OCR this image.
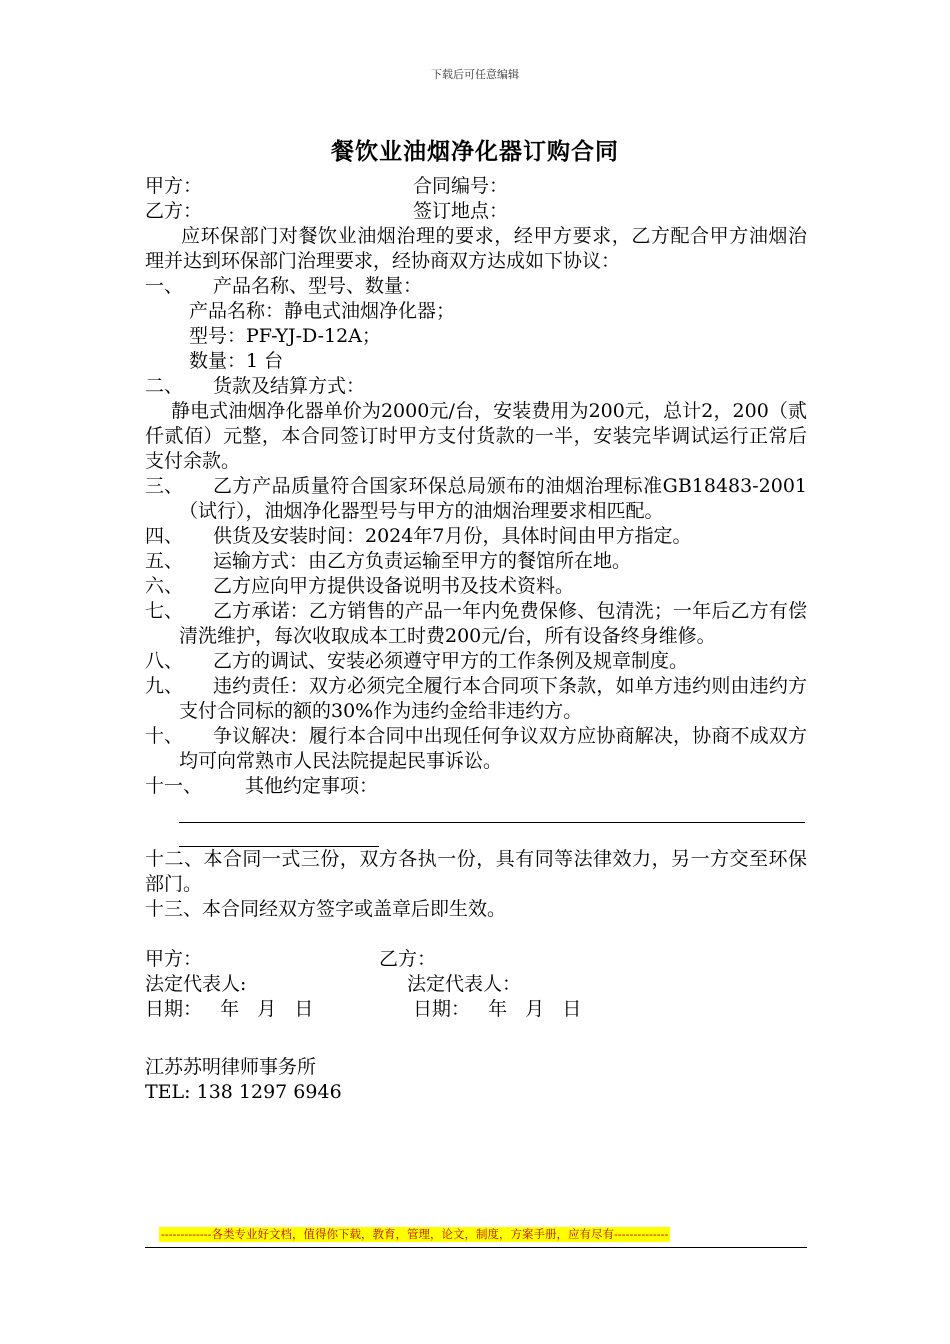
下载后可任意编辑
餐饮业油烟净化器订购合同
甲方：	合同编号：
乙方：	签订地点：

应环保部门对餐饮业油烟治理的要求，经甲方要求，乙方配合甲方油烟治理并达到环保部门治理要求，经协商双方达成如下协议：

一、	产品名称、型号、数量：

产品名称：静电式油烟净化器；

型号：PF-YJ-D-12A；

数量：1 台

二、	货款及结算方式：

静电式油烟净化器单价为2000元/台，安装费用为200元，总计2，200（贰仟贰佰）元整，本合同签订时甲方支付货款的一半，安装完毕调试运行正常后支付余款。

三、	乙方产品质量符合国家环保总局颁布的油烟治理标准GB18483-2001（试行），油烟净化器型号与甲方的油烟治理要求相匹配。
四、	供货及安装时间：2024年7月份，具体时间由甲方指定。
五、	运输方式：由乙方负责运输至甲方的餐馆所在地。
六、	乙方应向甲方提供设备说明书及技术资料。
七、	乙方承诺：乙方销售的产品一年内免费保修、包清洗；一年后乙方有偿清洗维护，每次收取成本工时费200元/台，所有设备终身维修。
八、	乙方的调试、安装必须遵守甲方的工作条例及规章制度。
九、	违约责任：双方必须完全履行本合同项下条款，如单方违约则由违约方支付合同标的额的30%作为违约金给非违约方。
十、	争议解决：履行本合同中出现任何争议双方应协商解决，协商不成双方均可向常熟市人民法院提起民事诉讼。
十一、	其他约定事项：

十二、本合同一式三份，双方各执一份，具有同等法律效力，另一方交至环保部门。

十三、本合同经双方签字或盖章后即生效。

甲方：	乙方：
法定代表人:	法定代表人：
日期：   年   月   日	日期：   年   月   日

江苏苏明律师事务所

TEL: 138 1297 6946

-------------各类专业好文档，值得你下载，教育，管理，论文，制度，方案手册，应有尽有--------------
